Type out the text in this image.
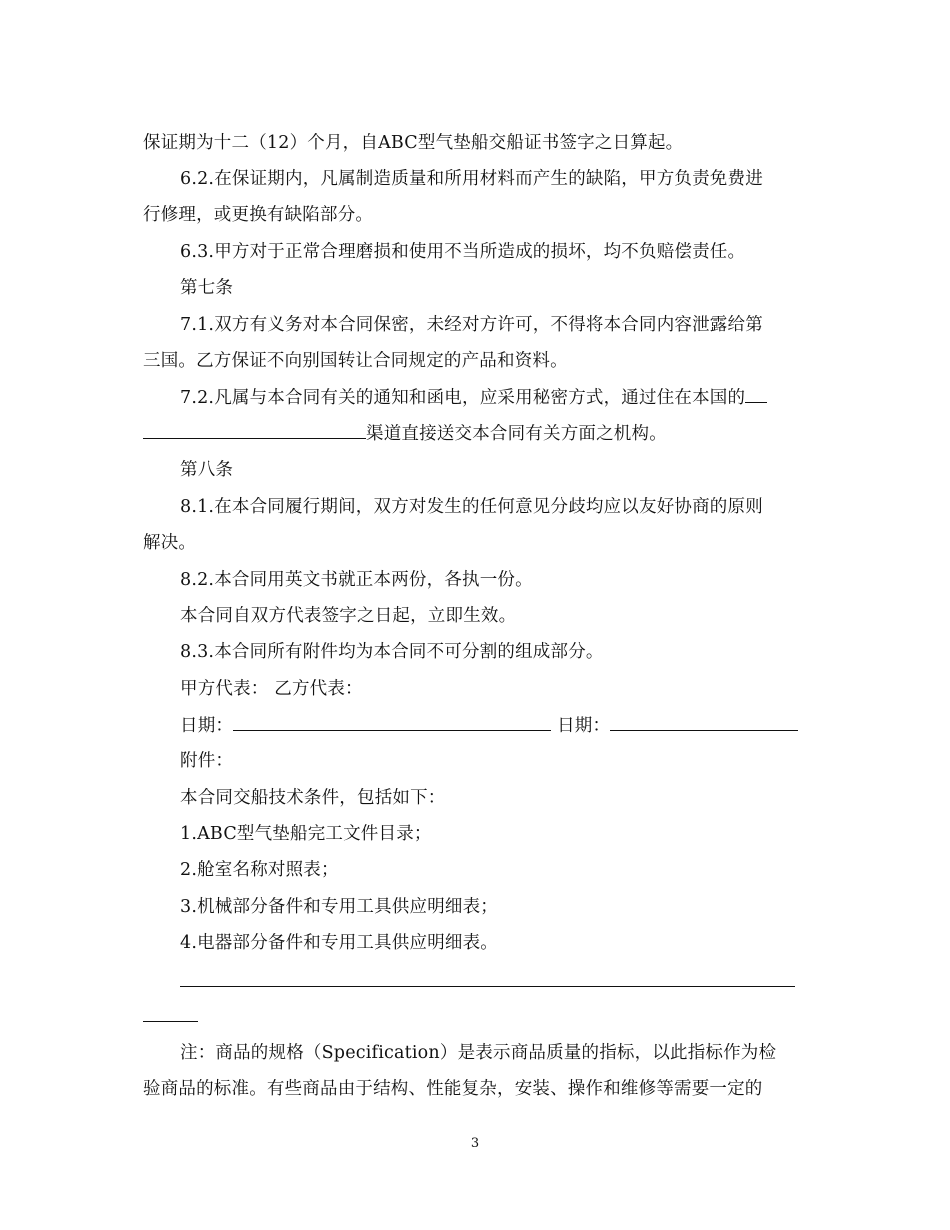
保证期为十二（12）个月，自ABC型气垫船交船证书签字之日算起。
6.2.在保证期内，凡属制造质量和所用材料而产生的缺陷，甲方负责免费进
行修理，或更换有缺陷部分。
6.3.甲方对于正常合理磨损和使用不当所造成的损坏，均不负赔偿责任。
第七条
7.1.双方有义务对本合同保密，未经对方许可，不得将本合同内容泄露给第
三国。乙方保证不向别国转让合同规定的产品和资料。
7.2.凡属与本合同有关的通知和函电，应采用秘密方式，通过住在本国的
渠道直接送交本合同有关方面之机构。
第八条
8.1.在本合同履行期间，双方对发生的任何意见分歧均应以友好协商的原则
解决。
8.2.本合同用英文书就正本两份，各执一份。
本合同自双方代表签字之日起，立即生效。
8.3.本合同所有附件均为本合同不可分割的组成部分。
甲方代表： 乙方代表：
日期：	日期：
附件：
本合同交船技术条件，包括如下：
1.ABC型气垫船完工文件目录；
2.舱室名称对照表；
3.机械部分备件和专用工具供应明细表；
4.电器部分备件和专用工具供应明细表。
注：商品的规格（Specification）是表示商品质量的指标，以此指标作为检
验商品的标准。有些商品由于结构、性能复杂，安装、操作和维修等需要一定的
3
